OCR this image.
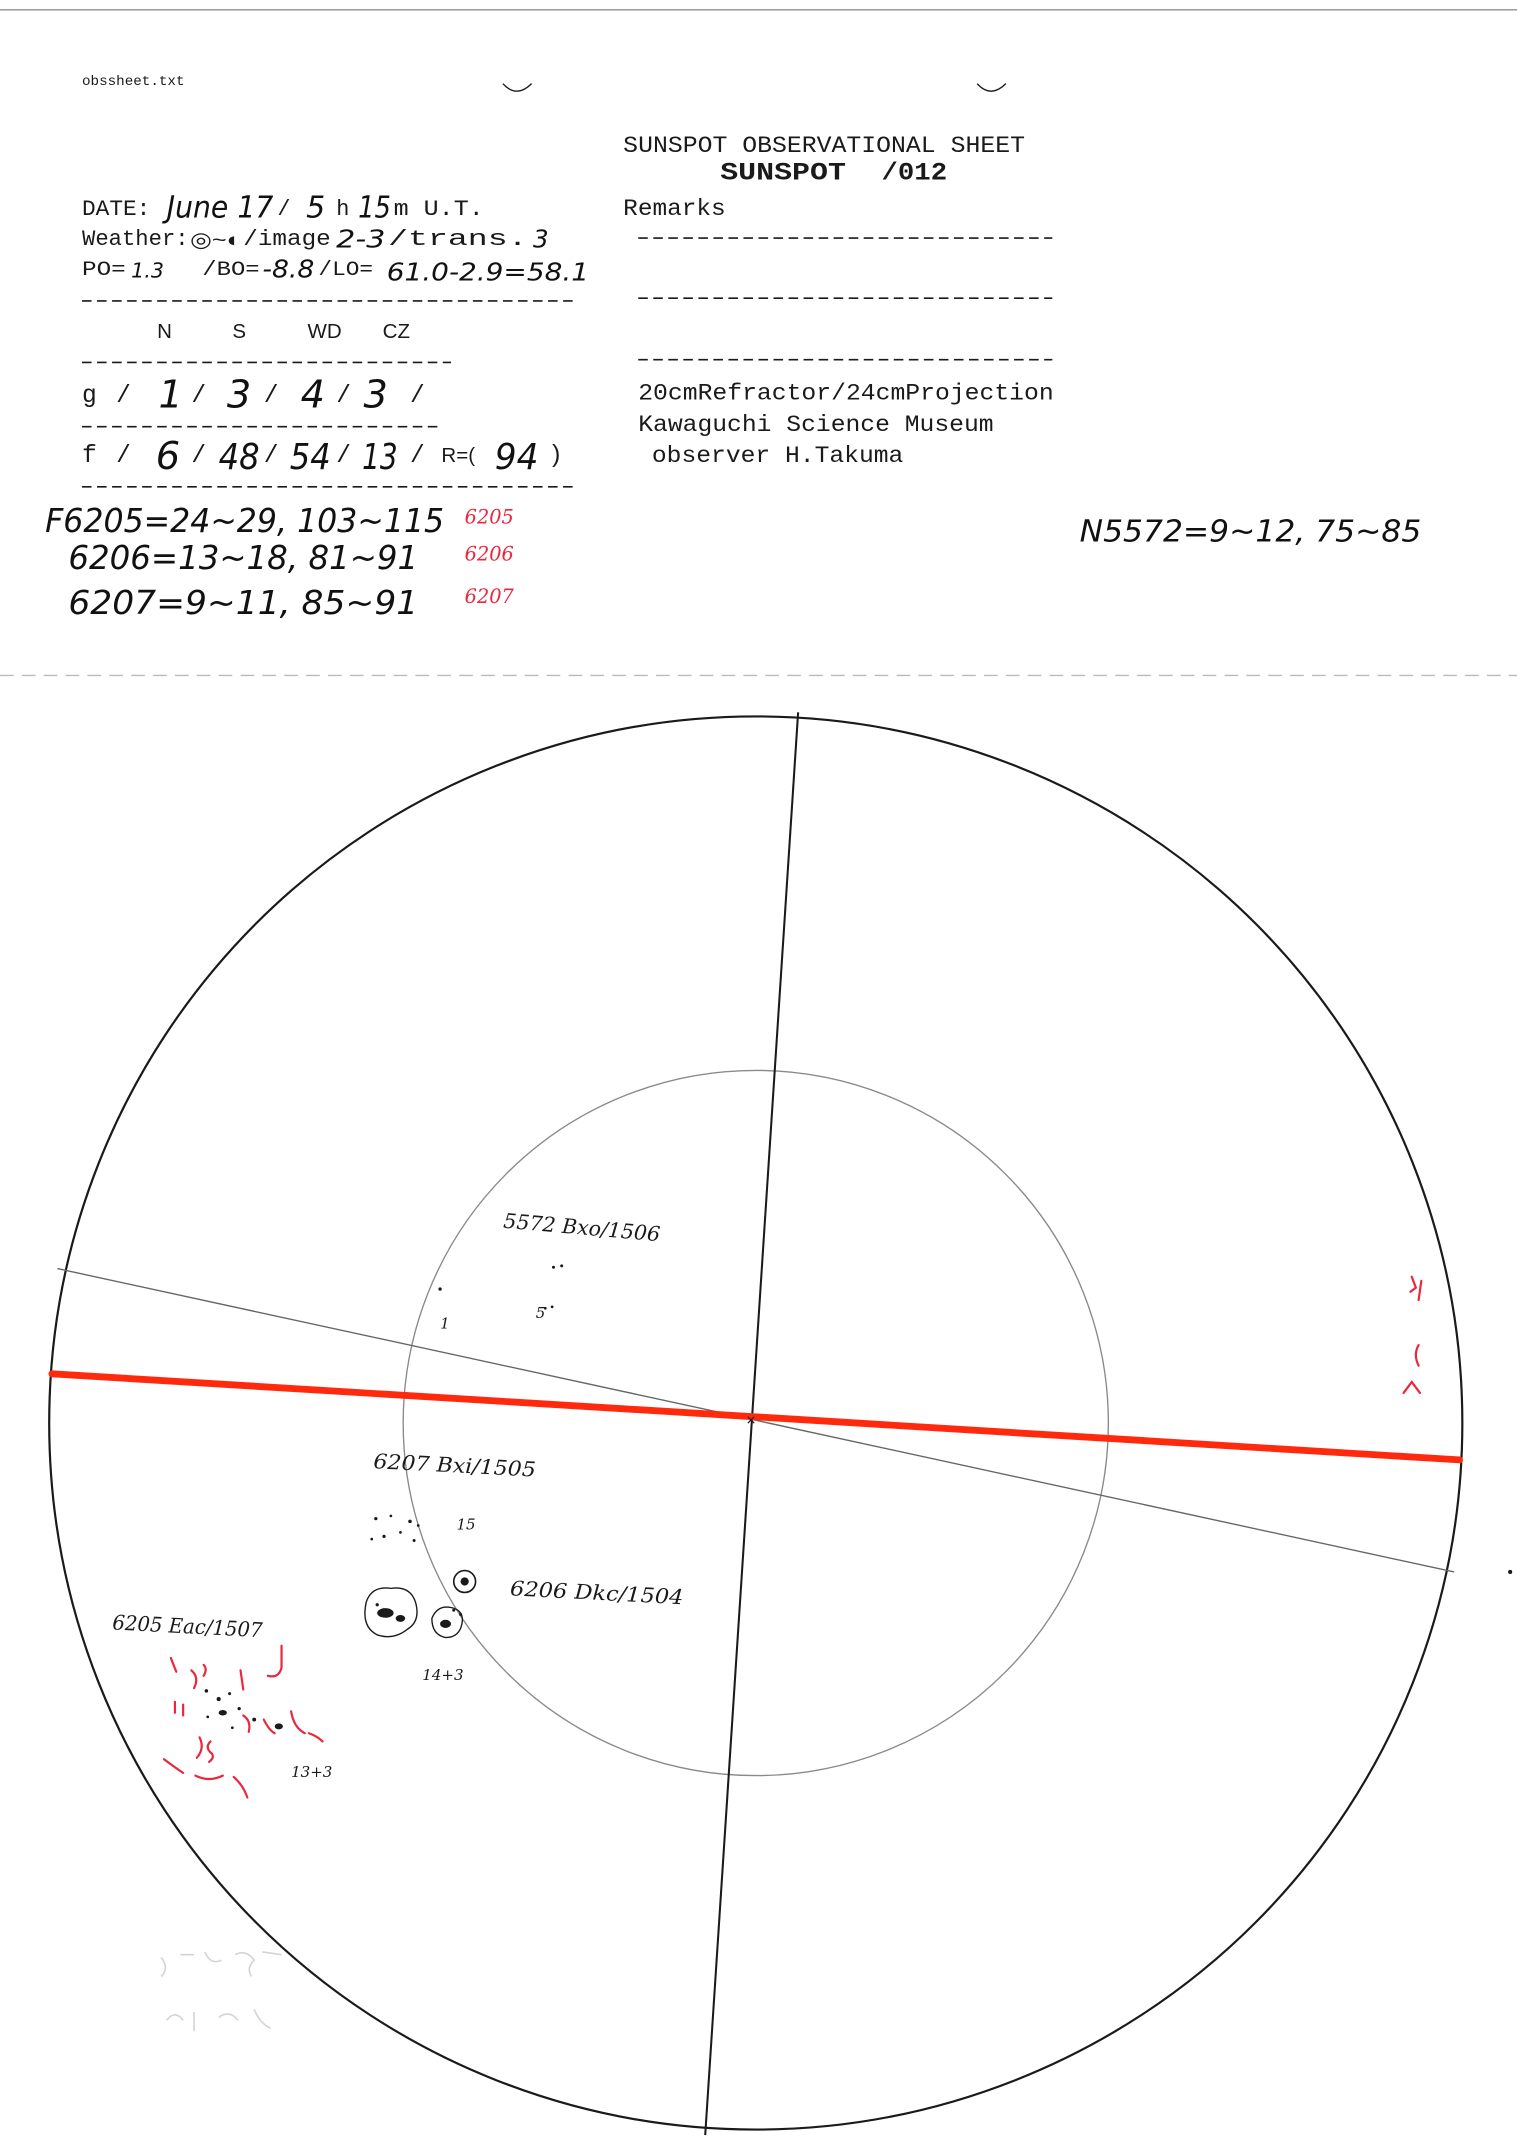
obssheet.txt
SUNSPOT OBSERVATIONAL SHEET
SUNSPOT /012
DATE: June 17 / 5 h 15 m U.T.
Weather: ◎~◐ /image 2-3 /trans. 3
PO= 1.3	/BO= -8.8 /LO= 61.0-2.9=58.1
N	S	WD	CZ
g / 1 / 3 / 4 / 3 /
f / 6 / 48 / 54 / 13 / R=( 94 )
F6205=24~29, 103~115 6205
6206=13~18, 81~91	6206
6207=9~11, 85~91	6207
Remarks
20cmRefractor/24cmProjection
Kawaguchi Science Museum
observer H.Takuma
N5572=9~12, 75~85
×
5572 Bxo/1506
1
5
6207 Bxi/1505
15
6206 Dkc/1504
14+3
6205 Eac/1507
13+3
